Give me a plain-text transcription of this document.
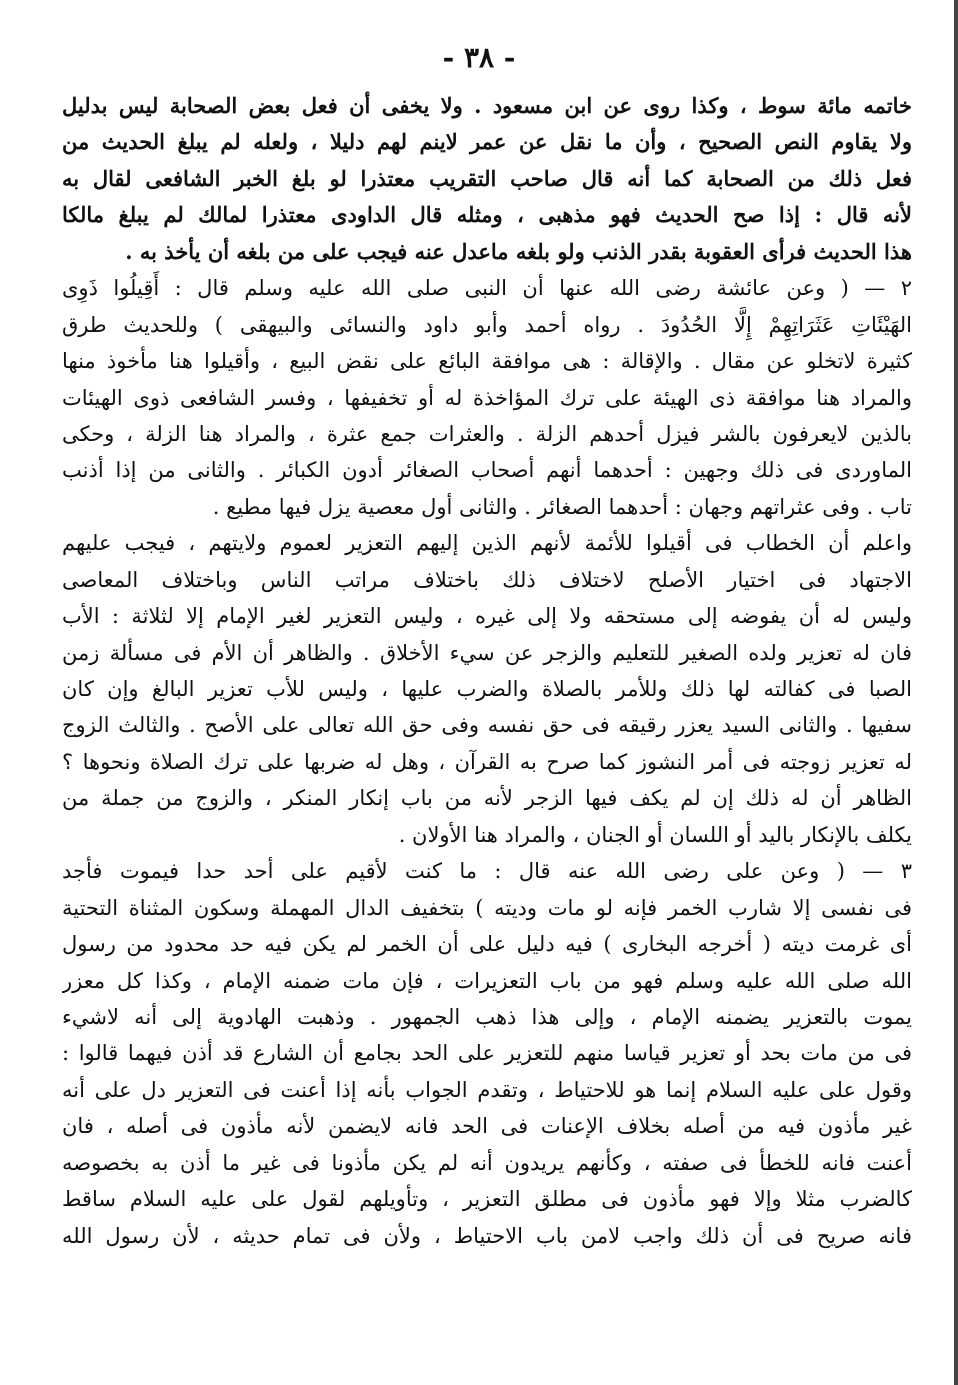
- ٣٨ -
خاتمه مائة سوط ، وكذا روى عن ابن مسعود . ولا يخفى أن فعل بعض الصحابة ليس بدليل
ولا يقاوم النص الصحيح ، وأن ما نقل عن عمر لاينم لهم دليلا ، ولعله لم يبلغ الحديث من
فعل ذلك من الصحابة كما أنه قال صاحب التقريب معتذرا لو بلغ الخبر الشافعى لقال به
لأنه قال : إذا صح الحديث فهو مذهبى ، ومثله قال الداودى معتذرا لمالك لم يبلغ مالكا
هذا الحديث فرأى العقوبة بقدر الذنب ولو بلغه ماعدل عنه فيجب على من بلغه أن يأخذ به .
٢ — ( وعن عائشة رضى الله عنها أن النبى صلى الله عليه وسلم قال : أَقِيلُوا ذَوِى
الهَيْئَاتِ عَثَرَاتِهِمْ إِلَّا الحُدُودَ . رواه أحمد وأبو داود والنسائى والبيهقى ) وللحديث طرق
كثيرة لاتخلو عن مقال . والإقالة : هى موافقة البائع على نقض البيع ، وأقيلوا هنا مأخوذ منها
والمراد هنا موافقة ذى الهيئة على ترك المؤاخذة له أو تخفيفها ، وفسر الشافعى ذوى الهيئات
بالذين لايعرفون بالشر فيزل أحدهم الزلة . والعثرات جمع عثرة ، والمراد هنا الزلة ، وحكى
الماوردى فى ذلك وجهين : أحدهما أنهم أصحاب الصغائر أدون الكبائر . والثانى من إذا أذنب
تاب . وفى عثراتهم وجهان : أحدهما الصغائر . والثانى أول معصية يزل فيها مطيع .
واعلم أن الخطاب فى أقيلوا للأئمة لأنهم الذين إليهم التعزير لعموم ولايتهم ، فيجب عليهم
الاجتهاد فى اختيار الأصلح لاختلاف ذلك باختلاف مراتب الناس وباختلاف المعاصى
وليس له أن يفوضه إلى مستحقه ولا إلى غيره ، وليس التعزير لغير الإمام إلا لثلاثة : الأب
فان له تعزير ولده الصغير للتعليم والزجر عن سيء الأخلاق . والظاهر أن الأم فى مسألة زمن
الصبا فى كفالته لها ذلك وللأمر بالصلاة والضرب عليها ، وليس للأب تعزير البالغ وإن كان
سفيها . والثانى السيد يعزر رقيقه فى حق نفسه وفى حق الله تعالى على الأصح . والثالث الزوج
له تعزير زوجته فى أمر النشوز كما صرح به القرآن ، وهل له ضربها على ترك الصلاة ونحوها ؟
الظاهر أن له ذلك إن لم يكف فيها الزجر لأنه من باب إنكار المنكر ، والزوج من جملة من
يكلف بالإنكار باليد أو اللسان أو الجنان ، والمراد هنا الأولان .
٣ — ( وعن على رضى الله عنه قال : ما كنت لأقيم على أحد حدا فيموت فأجد
فى نفسى إلا شارب الخمر فإنه لو مات وديته ) بتخفيف الدال المهملة وسكون المثناة التحتية
أى غرمت ديته ( أخرجه البخارى ) فيه دليل على أن الخمر لم يكن فيه حد محدود من رسول
الله صلى الله عليه وسلم فهو من باب التعزيرات ، فإن مات ضمنه الإمام ، وكذا كل معزر
يموت بالتعزير يضمنه الإمام ، وإلى هذا ذهب الجمهور . وذهبت الهادوية إلى أنه لاشيء
فى من مات بحد أو تعزير قياسا منهم للتعزير على الحد بجامع أن الشارع قد أذن فيهما قالوا :
وقول على عليه السلام إنما هو للاحتياط ، وتقدم الجواب بأنه إذا أعنت فى التعزير دل على أنه
غير مأذون فيه من أصله بخلاف الإعنات فى الحد فانه لايضمن لأنه مأذون فى أصله ، فان
أعنت فانه للخطأ فى صفته ، وكأنهم يريدون أنه لم يكن مأذونا فى غير ما أذن به بخصوصه
كالضرب مثلا وإلا فهو مأذون فى مطلق التعزير ، وتأويلهم لقول على عليه السلام ساقط
فانه صريح فى أن ذلك واجب لامن باب الاحتياط ، ولأن فى تمام حديثه ، لأن رسول الله
